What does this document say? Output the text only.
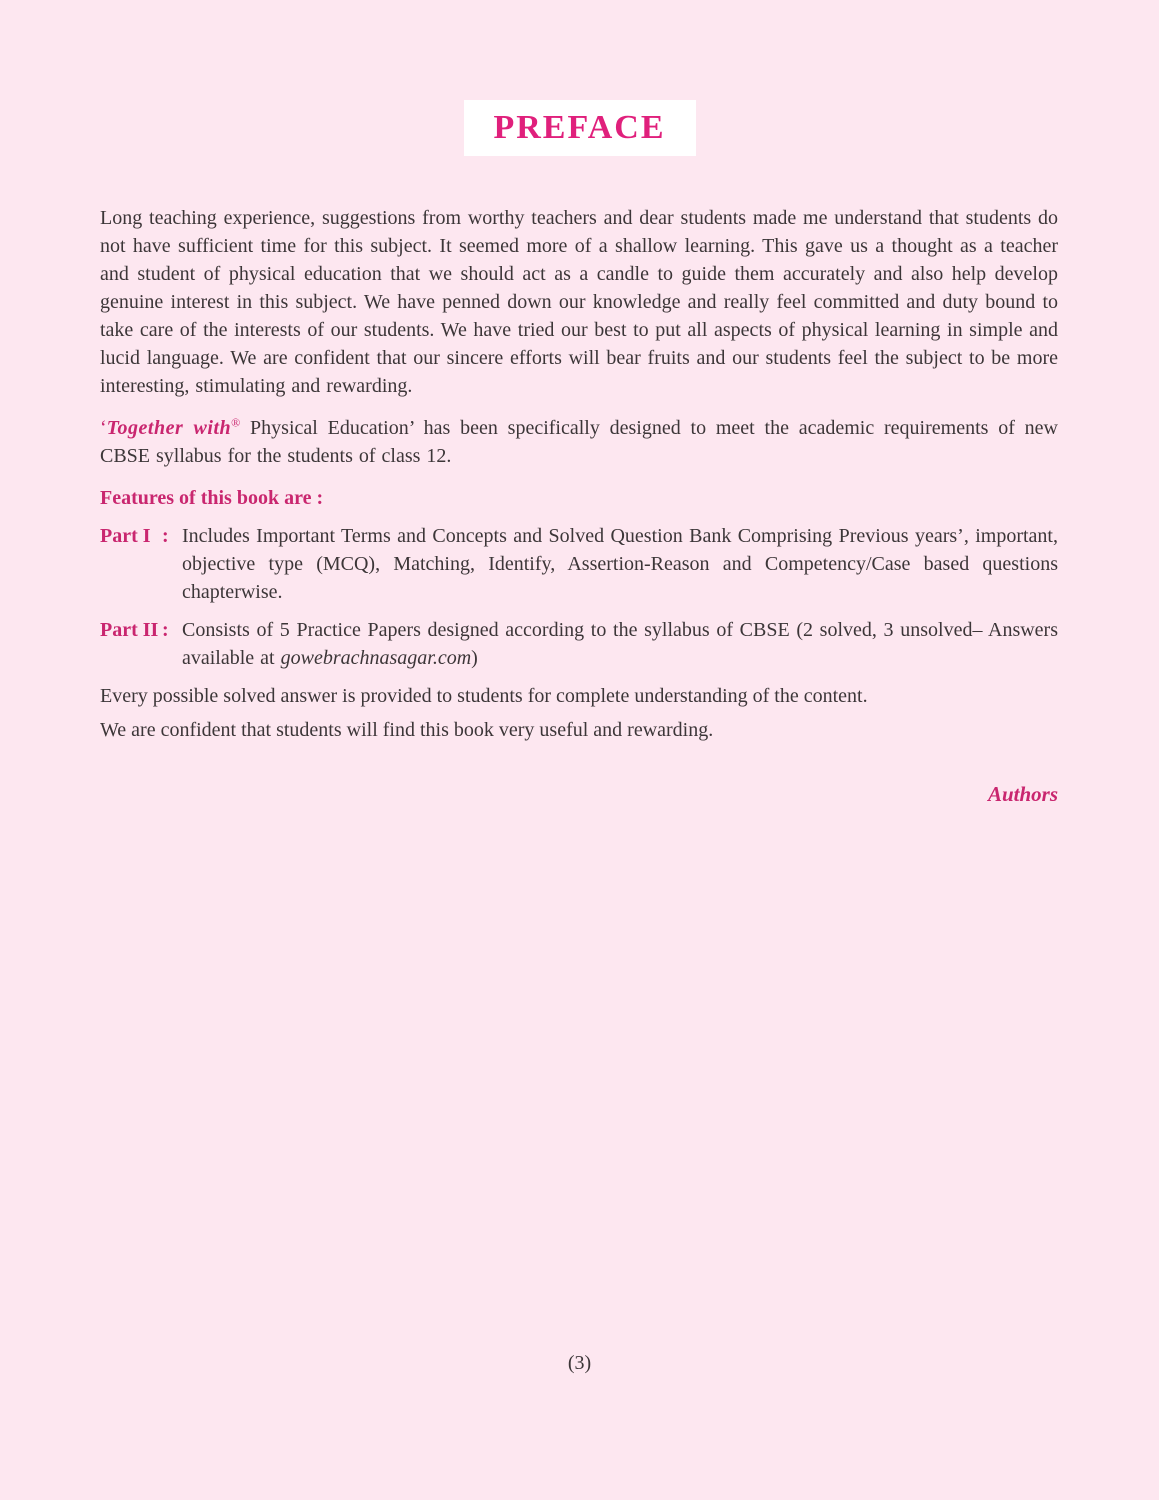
PREFACE

Long teaching experience, suggestions from worthy teachers and dear students made me understand that students do not have sufficient time for this subject. It seemed more of a shallow learning. This gave us a thought as a teacher and student of physical education that we should act as a candle to guide them accurately and also help develop genuine interest in this subject. We have penned down our knowledge and really feel committed and duty bound to take care of the interests of our students. We have tried our best to put all aspects of physical learning in simple and lucid language. We are confident that our sincere efforts will bear fruits and our students feel the subject to be more interesting, stimulating and rewarding.

‘Together with® Physical Education’ has been specifically designed to meet the academic requirements of new CBSE syllabus for the students of class 12.

Features of this book are :
Part I : Includes Important Terms and Concepts and Solved Question Bank Comprising Previous years’, important, objective type (MCQ), Matching, Identify, Assertion-Reason and Competency/Case based questions chapterwise.
Part II : Consists of 5 Practice Papers designed according to the syllabus of CBSE (2 solved, 3 unsolved– Answers available at gowebrachnasagar.com)

Every possible solved answer is provided to students for complete understanding of the content.

We are confident that students will find this book very useful and rewarding.

Authors
(3)
